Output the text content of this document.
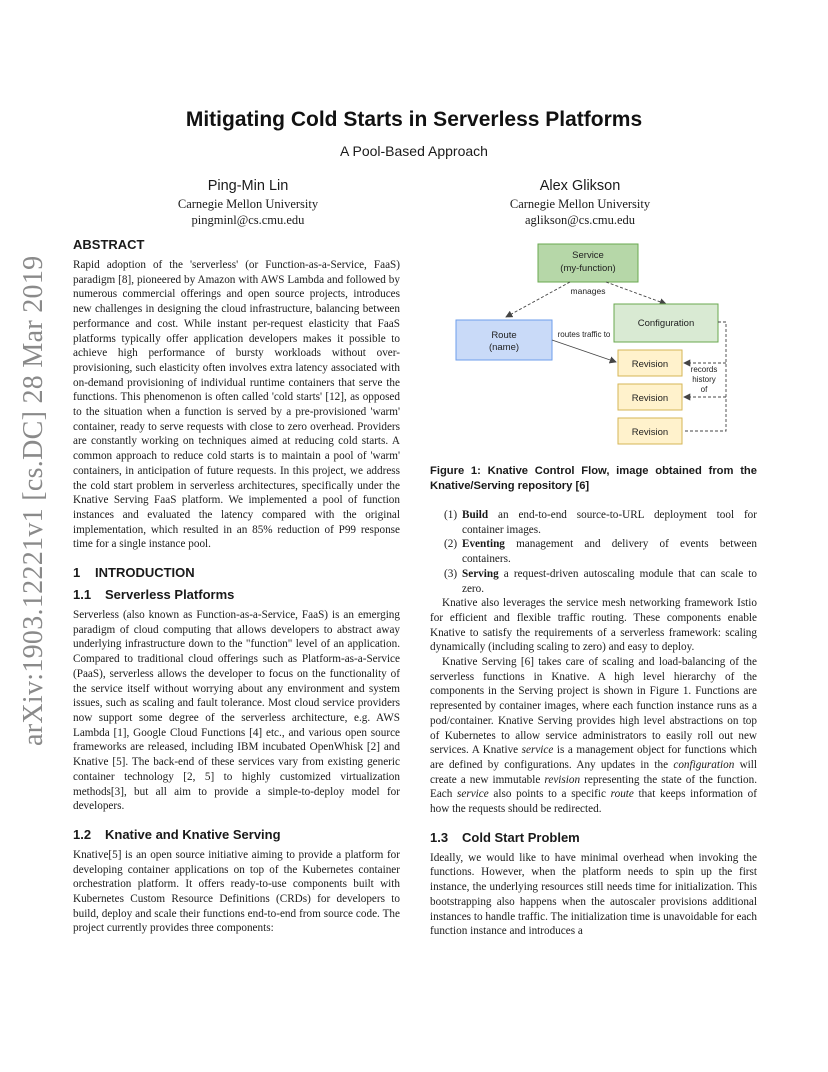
arXiv:1903.12221v1 [cs.DC] 28 Mar 2019
Mitigating Cold Starts in Serverless Platforms
A Pool-Based Approach
Ping-Min Lin
Carnegie Mellon University
pingminl@cs.cmu.edu
Alex Glikson
Carnegie Mellon University
aglikson@cs.cmu.edu
ABSTRACT

Rapid adoption of the 'serverless' (or Function-as-a-Service, FaaS) paradigm [8], pioneered by Amazon with AWS Lambda and followed by numerous commercial offerings and open source projects, introduces new challenges in designing the cloud infrastructure, balancing between performance and cost. While instant per-request elasticity that FaaS platforms typically offer application developers makes it possible to achieve high performance of bursty workloads without over-provisioning, such elasticity often involves extra latency associated with on-demand provisioning of individual runtime containers that serve the functions. This phenomenon is often called 'cold starts' [12], as opposed to the situation when a function is served by a pre-provisioned 'warm' container, ready to serve requests with close to zero overhead. Providers are constantly working on techniques aimed at reducing cold starts. A common approach to reduce cold starts is to maintain a pool of 'warm' containers, in anticipation of future requests. In this project, we address the cold start problem in serverless architectures, specifically under the Knative Serving FaaS platform. We implemented a pool of function instances and evaluated the latency compared with the original implementation, which resulted in an 85% reduction of P99 response time for a single instance pool.

1 INTRODUCTION
1.1 Serverless Platforms

Serverless (also known as Function-as-a-Service, FaaS) is an emerging paradigm of cloud computing that allows developers to abstract away underlying infrastructure down to the "function" level of an application. Compared to traditional cloud offerings such as Platform-as-a-Service (PaaS), serverless allows the developer to focus on the functionality of the service itself without worrying about any environment and system issues, such as scaling and fault tolerance. Most cloud service providers now support some degree of the serverless architecture, e.g. AWS Lambda [1], Google Cloud Functions [4] etc., and various open source frameworks are released, including IBM incubated OpenWhisk [2] and Knative [5]. The back-end of these services vary from existing generic container technology [2, 5] to highly customized virtualization methods[3], but all aim to provide a simple-to-deploy model for developers.

1.2 Knative and Knative Serving

Knative[5] is an open source initiative aiming to provide a platform for developing container applications on top of the Kubernetes container orchestration platform. It offers ready-to-use components built with Kubernetes Custom Resource Definitions (CRDs) for developers to build, deploy and scale their functions end-to-end from source code. The project currently provides three components:

Service
(my-function)
manages
Configuration
Route
(name)
routes traffic to
Revision
Revision
Revision
records
history
of

Figure 1: Knative Control Flow, image obtained from the Knative/Serving repository [6]

(1) Build an end-to-end source-to-URL deployment tool for container images.
(2) Eventing management and delivery of events between containers.
(3) Serving a request-driven autoscaling module that can scale to zero.

Knative also leverages the service mesh networking framework Istio for efficient and flexible traffic routing. These components enable Knative to satisfy the requirements of a serverless framework: scaling dynamically (including scaling to zero) and easy to deploy.

Knative Serving [6] takes care of scaling and load-balancing of the serverless functions in Knative. A high level hierarchy of the components in the Serving project is shown in Figure 1. Functions are represented by container images, where each function instance runs as a pod/container. Knative Serving provides high level abstractions on top of Kubernetes to allow service administrators to easily roll out new services. A Knative service is a management object for functions which are defined by configurations. Any updates in the configuration will create a new immutable revision representing the state of the function. Each service also points to a specific route that keeps information of how the requests should be redirected.

1.3 Cold Start Problem

Ideally, we would like to have minimal overhead when invoking the functions. However, when the platform needs to spin up the first instance, the underlying resources still needs time for initialization. This bootstrapping also happens when the autoscaler provisions additional instances to handle traffic. The initialization time is unavoidable for each function instance and introduces a
